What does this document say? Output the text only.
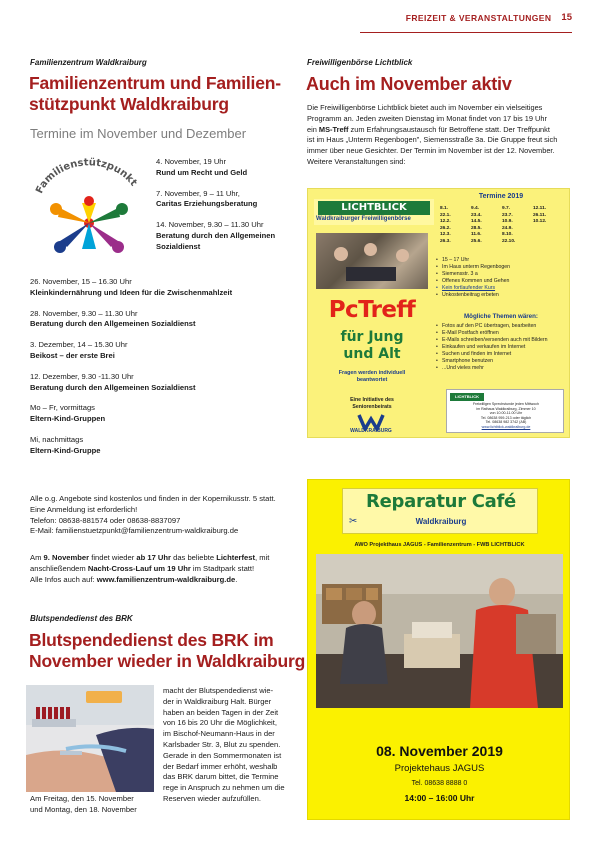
FREIZEIT & VERANSTALTUNGEN 15
Familienzentrum Waldkraiburg
Familienzentrum und Familien-
stützpunkt Waldkraiburg
Termine im November und Dezember
Familienstützpunkt
4. November, 19 Uhr
Rund um Recht und Geld
7. November, 9 – 11 Uhr,
Caritas Erziehungsberatung
14. November, 9.30 – 11.30 Uhr
Beratung durch den Allgemeinen
Sozialdienst
26. November, 15 – 16.30 Uhr
Kleinkindernährung und Ideen für die Zwischenmahlzeit
28. November, 9.30 – 11.30 Uhr
Beratung durch den Allgemeinen Sozialdienst
3. Dezember, 14 – 15.30 Uhr
Beikost – der erste Brei
12. Dezember, 9.30 -11.30 Uhr
Beratung durch den Allgemeinen Sozialdienst
Mo – Fr, vormittags
Eltern-Kind-Gruppen
Mi, nachmittags
Eltern-Kind-Gruppe
Alle o.g. Angebote sind kostenlos und finden in der Kopernikusstr. 5 statt.
Eine Anmeldung ist erforderlich!
Telefon: 08638-881574 oder 08638-8837097
E-Mail: familienstuetzpunkt@familienzentrum-waldkraiburg.de
Am 9. November findet wieder ab 17 Uhr das beliebte Lichterfest, mit
anschließendem Nacht-Cross-Lauf um 19 Uhr im Stadtpark statt!
Alle Infos auch auf: www.familienzentrum-waldkraiburg.de.
Blutspendedienst des BRK
Blutspendedienst des BRK im
November wieder in Waldkraiburg
Am Freitag, den 15. November
und Montag, den 18. November
macht der Blutspendedienst wie-
der in Waldkraiburg Halt. Bürger
haben an beiden Tagen in der Zeit
von 16 bis 20 Uhr die Möglichkeit,
im Bischof-Neumann-Haus in der
Karlsbader Str. 3, Blut zu spenden.
Gerade in den Sommermonaten ist
der Bedarf immer erhöht, weshalb
das BRK darum bittet, die Termine
rege in Anspruch zu nehmen um die
Reserven wieder aufzufüllen.
Freiwilligenbörse Lichtblick
Auch im November aktiv
Die Freiwilligenbörse Lichtblick bietet auch im November ein vielseitiges
Programm an. Jeden zweiten Dienstag im Monat findet von 17 bis 19 Uhr
ein MS-Treff zum Erfahrungsaustausch für Betroffene statt. Der Treffpunkt
ist im Haus „Unterm Regenbogen", Siemensstraße 3a. Die Gruppe freut sich
immer über neue Gesichter. Der Termin im November ist der 12. November.
Weitere Veranstaltungen sind:
LICHTBLICK
Waldkraiburger Freiwilligenbörse
Termine 2019
8.1.	9.4.	9.7.	12.11.
22.1.	23.4.	23.7.	26.11.
12.2.	14.5.	10.9.	10.12.
26.2.	28.5.	24.9.
12.3.	11.6.	8.10.
26.3.	25.6.	22.10.
PcTreff
für Jung
und Alt
Fragen werden individuell
beantwortet
Eine Initiative des
Seniorenbeirats
WALDKRAIBURG
• 15 – 17 Uhr
• Im Haus unterm Regenbogen
• Siemensstr. 3 a
• Offenes Kommen und Gehen
• Kein fortlaufender Kurs
• Unkostenbeitrag erbeten
Mögliche Themen wären:
• Fotos auf den PC übertragen, bearbeiten
• E-Mail Postfach eröffnen
• E-Mails schreiben/versenden auch mit Bildern
• Einkaufen und verkaufen im Internet
• Suchen und finden im Internet
• Smartphone benutzen
• ...Und vieles mehr
LICHTBLICK
Freiwilligen Sprechstunde jeden Mittwoch
im Rathaus Waldkraiburg, Zimmer 10
von 10.00-11.00 Uhr
Tel. 08638 959-213 oder täglich
Tel. 08638 982 3742 (AB)
www.lichtblick-waldkraiburg.de
Reparatur Café
✂	Waldkraiburg
AWO Projekthaus JAGUS - Familienzentrum - FWB LICHTBLICK
08. November 2019
Projektehaus JAGUS
Tel. 08638 8888 0
14:00 – 16:00 Uhr
